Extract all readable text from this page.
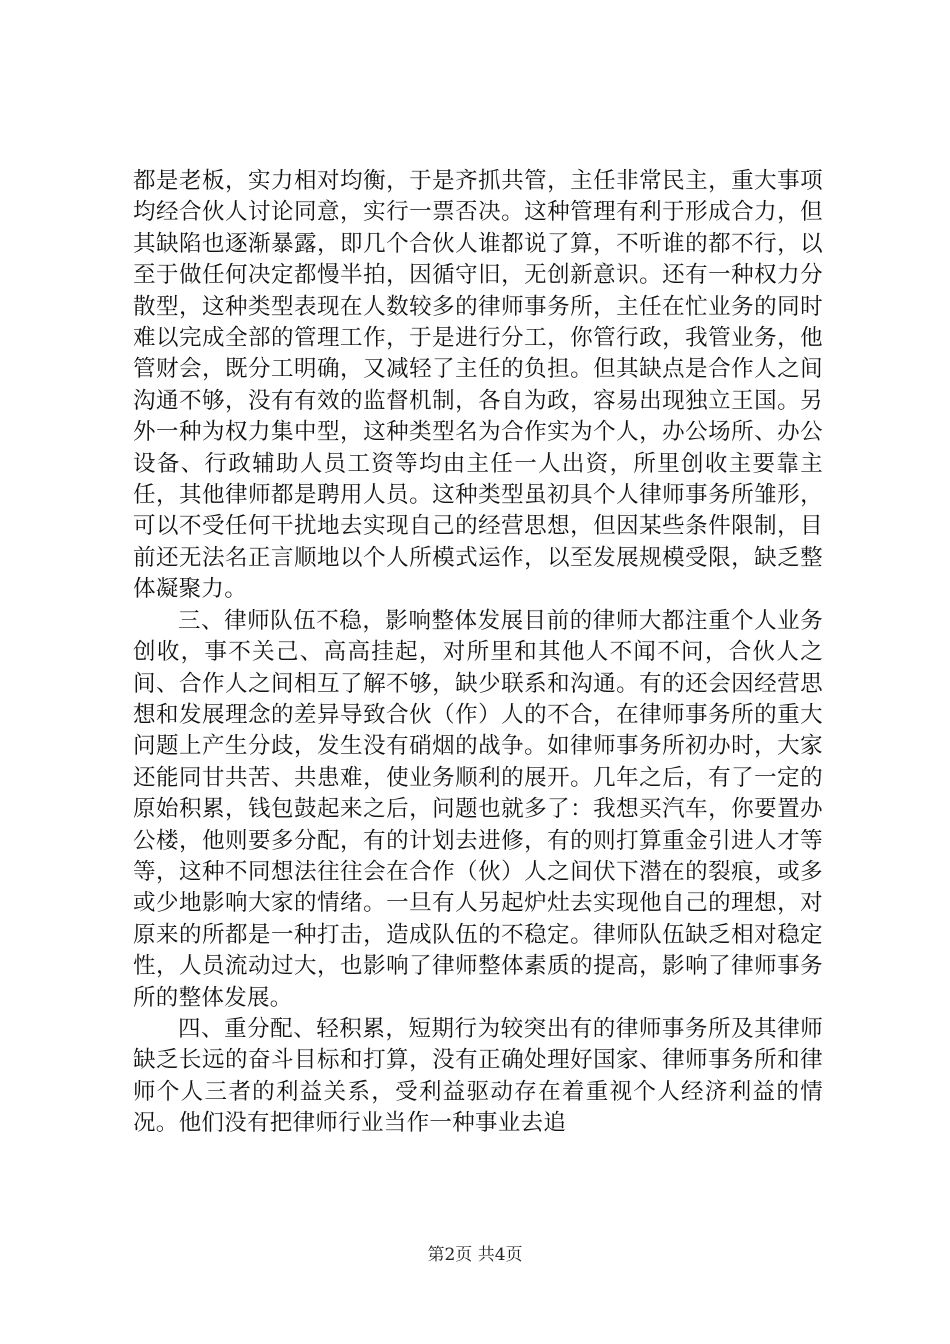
都是老板，实力相对均衡，于是齐抓共管，主任非常民主，重大事项均经合伙人讨论同意，实行一票否决。这种管理有利于形成合力，但其缺陷也逐渐暴露，即几个合伙人谁都说了算，不听谁的都不行，以至于做任何决定都慢半拍，因循守旧，无创新意识。还有一种权力分散型，这种类型表现在人数较多的律师事务所，主任在忙业务的同时难以完成全部的管理工作，于是进行分工，你管行政，我管业务，他管财会，既分工明确，又减轻了主任的负担。但其缺点是合作人之间沟通不够，没有有效的监督机制，各自为政，容易出现独立王国。另外一种为权力集中型，这种类型名为合作实为个人，办公场所、办公设备、行政辅助人员工资等均由主任一人出资，所里创收主要靠主任，其他律师都是聘用人员。这种类型虽初具个人律师事务所雏形，可以不受任何干扰地去实现自己的经营思想，但因某些条件限制，目前还无法名正言顺地以个人所模式运作，以至发展规模受限，缺乏整体凝聚力。

三、律师队伍不稳，影响整体发展目前的律师大都注重个人业务创收，事不关己、高高挂起，对所里和其他人不闻不问，合伙人之间、合作人之间相互了解不够，缺少联系和沟通。有的还会因经营思想和发展理念的差异导致合伙（作）人的不合，在律师事务所的重大问题上产生分歧，发生没有硝烟的战争。如律师事务所初办时，大家还能同甘共苦、共患难，使业务顺利的展开。几年之后，有了一定的原始积累，钱包鼓起来之后，问题也就多了：我想买汽车，你要置办公楼，他则要多分配，有的计划去进修，有的则打算重金引进人才等等，这种不同想法往往会在合作（伙）人之间伏下潜在的裂痕，或多或少地影响大家的情绪。一旦有人另起炉灶去实现他自己的理想，对原来的所都是一种打击，造成队伍的不稳定。律师队伍缺乏相对稳定性，人员流动过大，也影响了律师整体素质的提高，影响了律师事务所的整体发展。

四、重分配、轻积累，短期行为较突出有的律师事务所及其律师缺乏长远的奋斗目标和打算，没有正确处理好国家、律师事务所和律师个人三者的利益关系，受利益驱动存在着重视个人经济利益的情况。他们没有把律师行业当作一种事业去追

第2页 共4页
